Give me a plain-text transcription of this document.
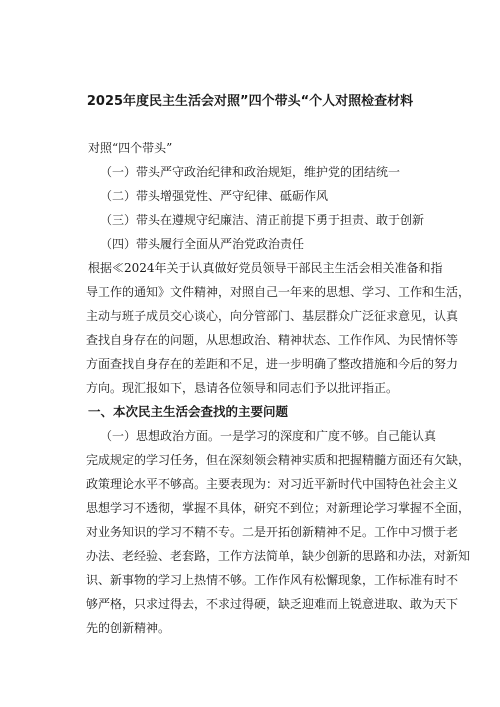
2025年度民主生活会对照”四个带头“个人对照检查材料
对照“四个带头”
（一）带头严守政治纪律和政治规矩，维护党的团结统一
（二）带头增强党性、严守纪律、砥砺作风
（三）带头在遵规守纪廉洁、清正前提下勇于担责、敢于创新
（四）带头履行全面从严治党政治责任
根据≪2024年关于认真做好党员领导干部民主生活会相关准备和指
导工作的通知》文件精神，对照自己一年来的思想、学习、工作和生活，
主动与班子成员交心谈心，向分管部门、基层群众广泛征求意见，认真
查找自身存在的问题，从思想政治、精神状态、工作作风、为民情怀等
方面查找自身存在的差距和不足，进一步明确了整改措施和今后的努力
方向。现汇报如下，恳请各位领导和同志们予以批评指正。
一、本次民主生活会查找的主要问题
（一）思想政治方面。一是学习的深度和广度不够。自己能认真
完成规定的学习任务，但在深刻领会精神实质和把握精髓方面还有欠缺，
政策理论水平不够高。主要表现为：对习近平新时代中国特色社会主义
思想学习不透彻，掌握不具体，研究不到位；对新理论学习掌握不全面，
对业务知识的学习不精不专。二是开拓创新精神不足。工作中习惯于老
办法、老经验、老套路，工作方法简单，缺少创新的思路和办法，对新知
识、新事物的学习上热情不够。工作作风有松懈现象，工作标准有时不
够严格，只求过得去，不求过得硬，缺乏迎难而上锐意进取、敢为天下
先的创新精神。
